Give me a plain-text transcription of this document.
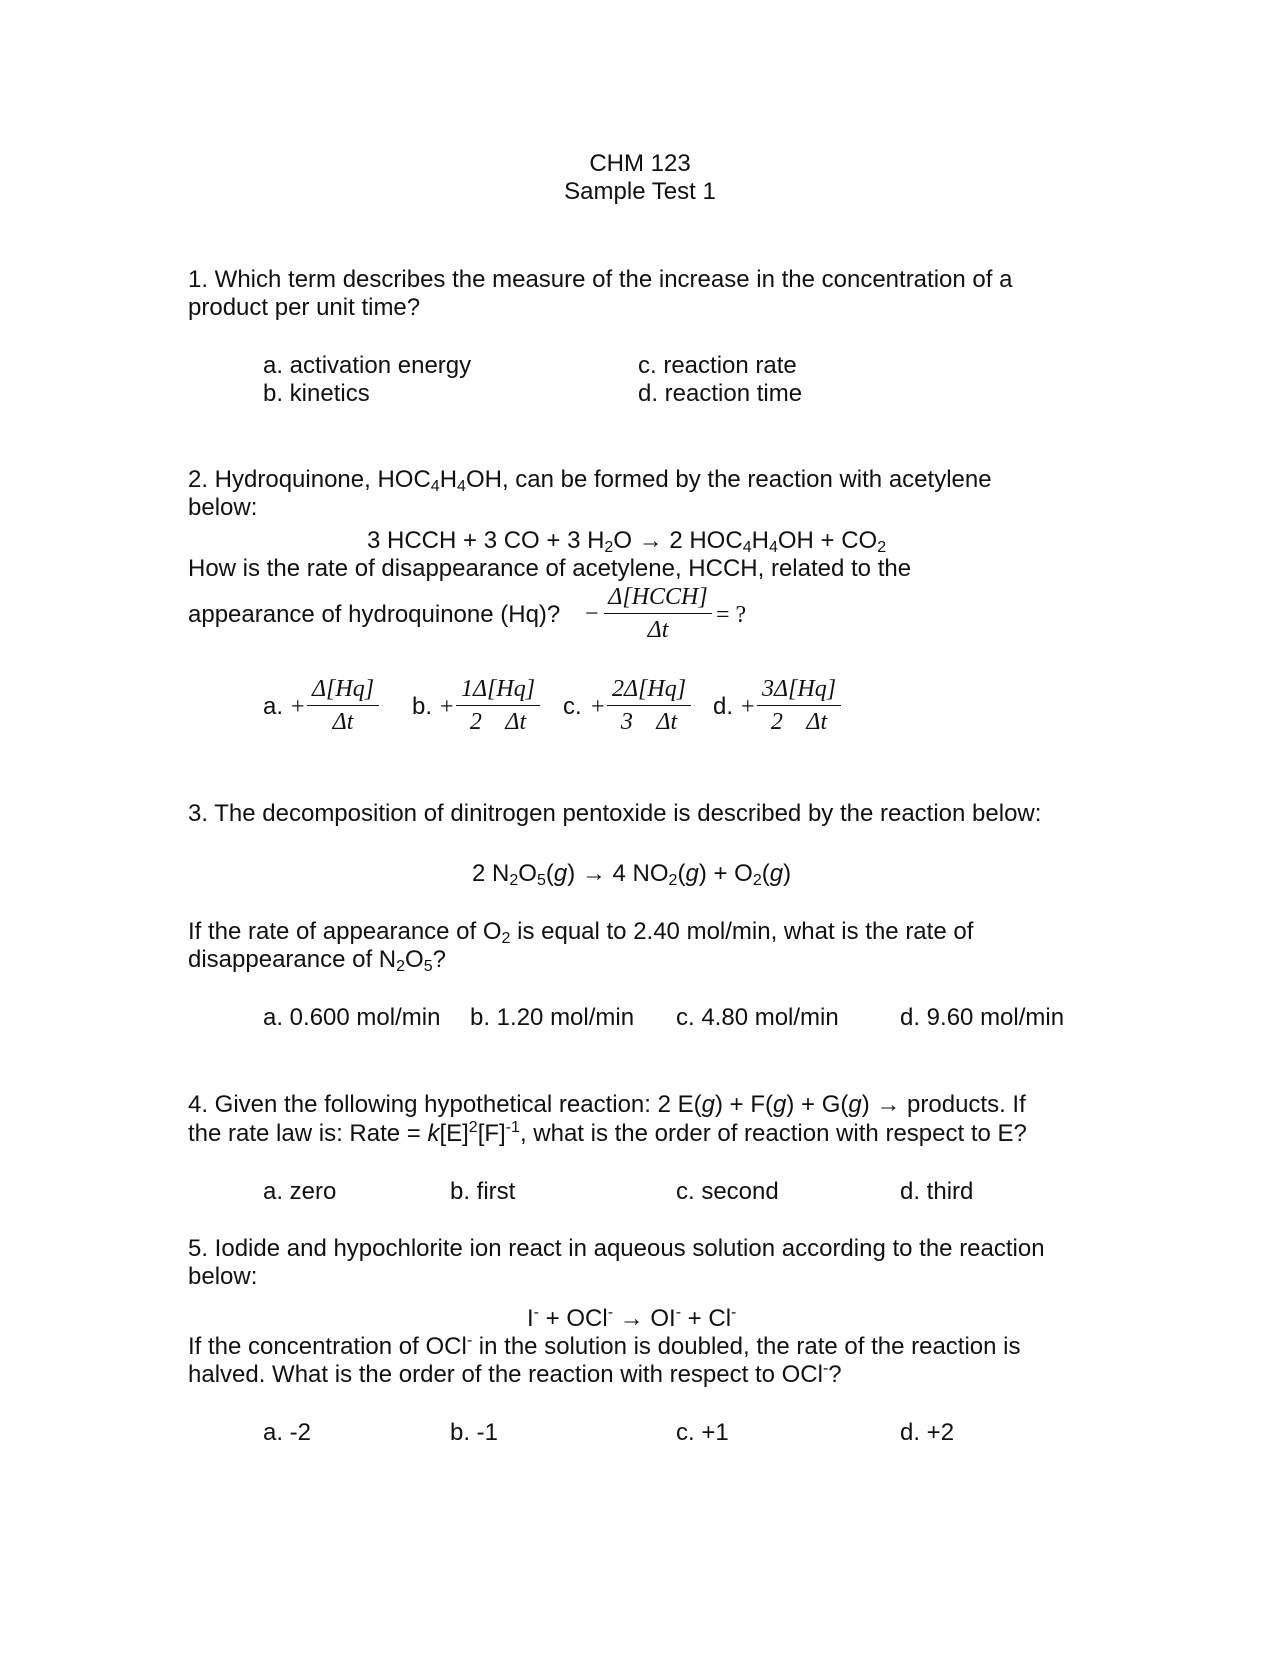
CHM 123
Sample Test 1
1. Which term describes the measure of the increase in the concentration of a
product per unit time?
a. activation energy
b. kinetics
c. reaction rate
d. reaction time
2. Hydroquinone, $HOC_4H_4OH$, can be formed by the reaction with acetylene
below:
3 HCCH + 3 CO + 3 $H_2O \to 2$ $HOC_4H_4OH + CO_2$
How is the rate of disappearance of acetylene, HCCH, related to the
appearance of hydroquinone (Hq)? −
Δ[HCCH]
Δt
= ?
a. +
Δ[Hq]
Δt
b. +
1Δ[Hq]
2    Δt
c. +
2Δ[Hq]
3    Δt
d. +
3Δ[Hq]
2    Δt
3. The decomposition of dinitrogen pentoxide is described by the reaction below:
2 $N_2O_5(g) \to 4$ $NO_2(g) + O_2(g)$
If the rate of appearance of $O_2$ is equal to 2.40 mol/min, what is the rate of
disappearance of $N_2O_5$?
a. 0.600 mol/min b. 1.20 mol/min c. 4.80 mol/min	d. 9.60 mol/min
4. Given the following hypothetical reaction: 2 E(g) + F(g) + G(g) → products. If
the rate law is: Rate = $k[E]^2[F]^{-1}$, what is the order of reaction with respect to E?
a. zero	b. first	c. second	d. third
5. Iodide and hypochlorite ion react in aqueous solution according to the reaction
below:
I- + OCl- → OI- + Cl-
If the concentration of OCl- in the solution is doubled, the rate of the reaction is
halved. What is the order of the reaction with respect to OCl-?
a. -2	b. -1	c. +1	d. +2
